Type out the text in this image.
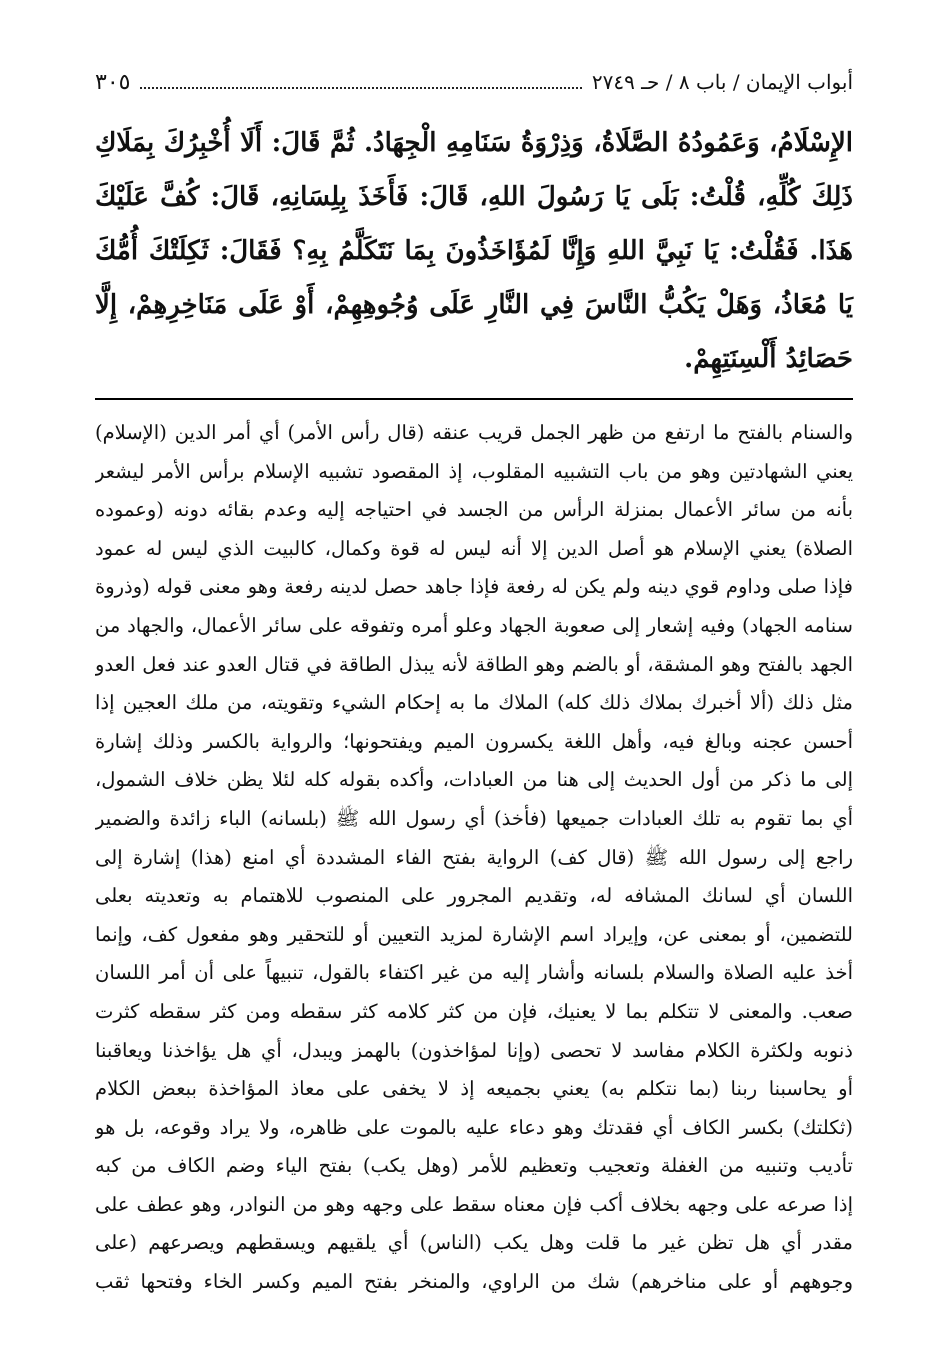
أبواب الإيمان / باب ٨ / حـ ٢٧٤٩
٣٠٥
الإِسْلَامُ، وَعَمُودُهُ الصَّلَاةُ، وَذِرْوَةُ سَنَامِهِ الْجِهَادُ. ثُمَّ قَالَ: أَلَا أُخْبِرُكَ بِمَلَاكِ ذَلِكَ كُلِّهِ، قُلْتُ: بَلَى يَا رَسُولَ اللهِ، قَالَ: فَأَخَذَ بِلِسَانِهِ، قَالَ: كُفَّ عَلَيْكَ هَذَا. فَقُلْتُ: يَا نَبِيَّ اللهِ وَإِنَّا لَمُؤَاخَذُونَ بِمَا نَتَكَلَّمُ بِهِ؟ فَقَالَ: ثَكِلَتْكَ أُمُّكَ يَا مُعَاذُ، وَهَلْ يَكُبُّ النَّاسَ فِي النَّارِ عَلَى وُجُوهِهِمْ، أَوْ عَلَى مَنَاخِرِهِمْ، إِلَّا حَصَائِدُ أَلْسِنَتِهِمْ.

والسنام بالفتح ما ارتفع من ظهر الجمل قريب عنقه (قال رأس الأمر) أي أمر الدين (الإسلام)

يعني الشهادتين وهو من باب التشبيه المقلوب، إذ المقصود تشبيه الإسلام برأس الأمر ليشعر

بأنه من سائر الأعمال بمنزلة الرأس من الجسد في احتياجه إليه وعدم بقائه دونه (وعموده

الصلاة) يعني الإسلام هو أصل الدين إلا أنه ليس له قوة وكمال، كالبيت الذي ليس له عمود

فإذا صلى وداوم قوي دينه ولم يكن له رفعة فإذا جاهد حصل لدينه رفعة وهو معنى قوله (وذروة

سنامه الجهاد) وفيه إشعار إلى صعوبة الجهاد وعلو أمره وتفوقه على سائر الأعمال، والجهاد من

الجهد بالفتح وهو المشقة، أو بالضم وهو الطاقة لأنه يبذل الطاقة في قتال العدو عند فعل العدو

مثل ذلك (ألا أخبرك بملاك ذلك كله) الملاك ما به إحكام الشيء وتقويته، من ملك العجين إذا

أحسن عجنه وبالغ فيه، وأهل اللغة يكسرون الميم ويفتحونها؛ والرواية بالكسر وذلك إشارة

إلى ما ذكر من أول الحديث إلى هنا من العبادات، وأكده بقوله كله لئلا يظن خلاف الشمول،

أي بما تقوم به تلك العبادات جميعها (فأخذ) أي رسول الله ﷺ (بلسانه) الباء زائدة والضمير

راجع إلى رسول الله ﷺ (قال كف) الرواية بفتح الفاء المشددة أي امنع (هذا) إشارة إلى

اللسان أي لسانك المشافه له، وتقديم المجرور على المنصوب للاهتمام به وتعديته بعلى

للتضمين، أو بمعنى عن، وإيراد اسم الإشارة لمزيد التعيين أو للتحقير وهو مفعول كف، وإنما

أخذ عليه الصلاة والسلام بلسانه وأشار إليه من غير اكتفاء بالقول، تنبيهاً على أن أمر اللسان

صعب. والمعنى لا تتكلم بما لا يعنيك، فإن من كثر كلامه كثر سقطه ومن كثر سقطه كثرت

ذنوبه ولكثرة الكلام مفاسد لا تحصى (وإنا لمؤاخذون) بالهمز ويبدل، أي هل يؤاخذنا ويعاقبنا

أو يحاسبنا ربنا (بما نتكلم به) يعني بجميعه إذ لا يخفى على معاذ المؤاخذة ببعض الكلام

(ثكلتك) بكسر الكاف أي فقدتك وهو دعاء عليه بالموت على ظاهره، ولا يراد وقوعه، بل هو

تأديب وتنبيه من الغفلة وتعجيب وتعظيم للأمر (وهل يكب) بفتح الياء وضم الكاف من كبه

إذا صرعه على وجهه بخلاف أكب فإن معناه سقط على وجهه وهو من النوادر، وهو عطف على

مقدر أي هل تظن غير ما قلت وهل يكب (الناس) أي يلقيهم ويسقطهم ويصرعهم (على

وجوههم أو على مناخرهم) شك من الراوي، والمنخر بفتح الميم وكسر الخاء وفتحها ثقب
